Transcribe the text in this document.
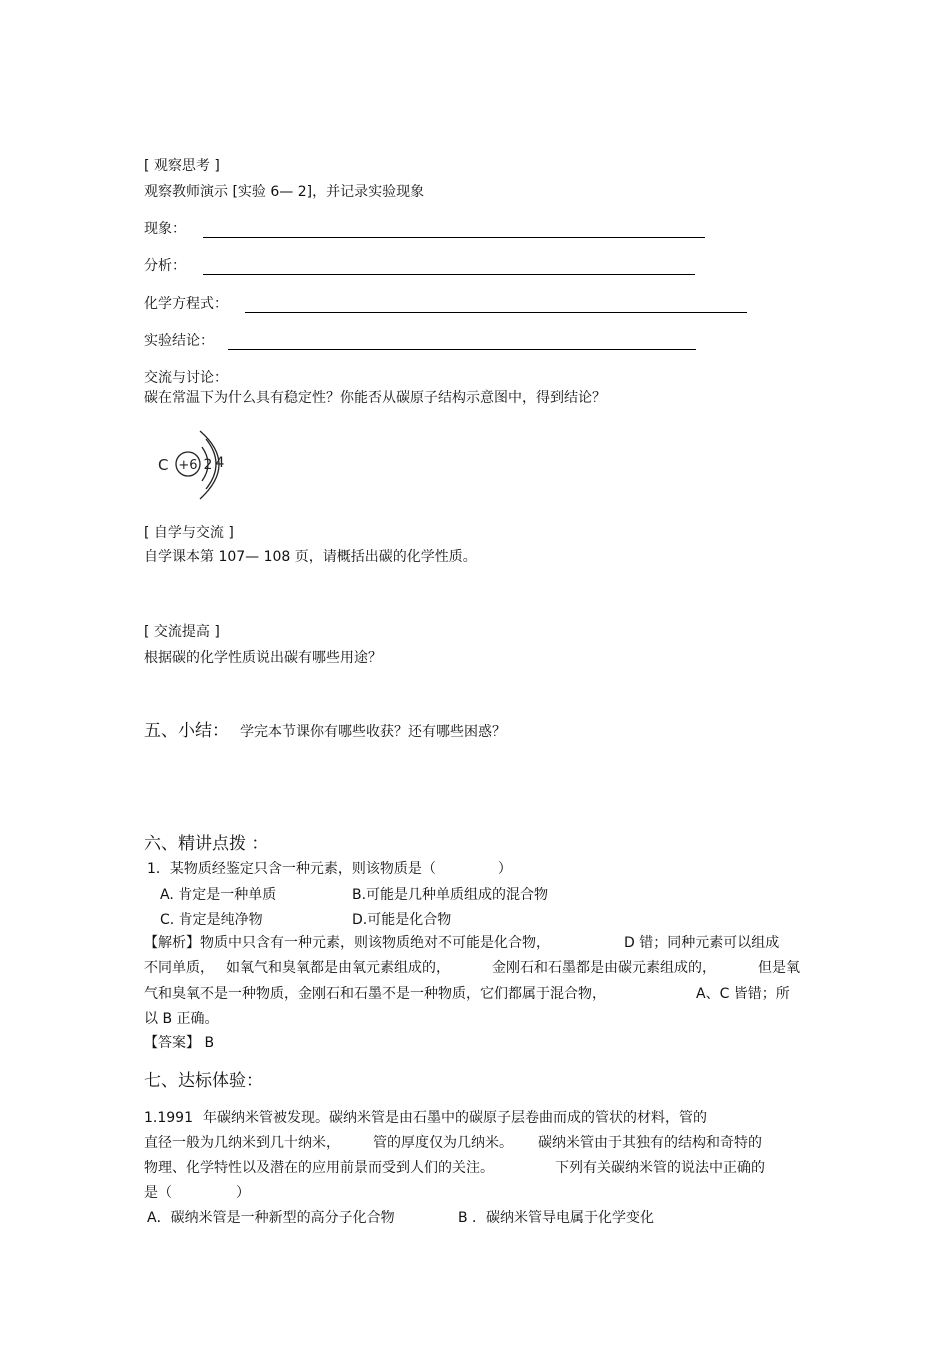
[ 观察思考 ]
观察教师演示 [实验 6— 2]，并记录实验现象
现象：
分析：
化学方程式：
实验结论：
交流与讨论：
碳在常温下为什么具有稳定性？你能否从碳原子结构示意图中，得到结论？
C +6 2 4
[ 自学与交流 ]
自学课本第 107— 108 页，请概括出碳的化学性质。
[ 交流提高 ]
根据碳的化学性质说出碳有哪些用途？
五、小结： 学完本节课你有哪些收获？还有哪些困惑？
六、精讲点拨 ：
1．某物质经鉴定只含一种元素，则该物质是（	）
A. 肯定是一种单质	B.可能是几种单质组成的混合物
C. 肯定是纯净物	D.可能是化合物
【解析】物质中只含有一种元素，则该物质绝对不可能是化合物，	D 错；同种元素可以组成
不同单质， 如氧气和臭氧都是由氧元素组成的，	金刚石和石墨都是由碳元素组成的，	但是氧
气和臭氧不是一种物质，金刚石和石墨不是一种物质，它们都属于混合物，	A、C 皆错；所
以 B 正确。
【答案】 B
七、达标体验：
1.1991 年碳纳米管被发现。碳纳米管是由石墨中的碳原子层卷曲而成的管状的材料，管的
直径一般为几纳米到几十纳米， 管的厚度仅为几纳米。 碳纳米管由于其独有的结构和奇特的
物理、化学特性以及潜在的应用前景而受到人们的关注。	下列有关碳纳米管的说法中正确的
是（	）
A．碳纳米管是一种新型的高分子化合物	B ．碳纳米管导电属于化学变化
